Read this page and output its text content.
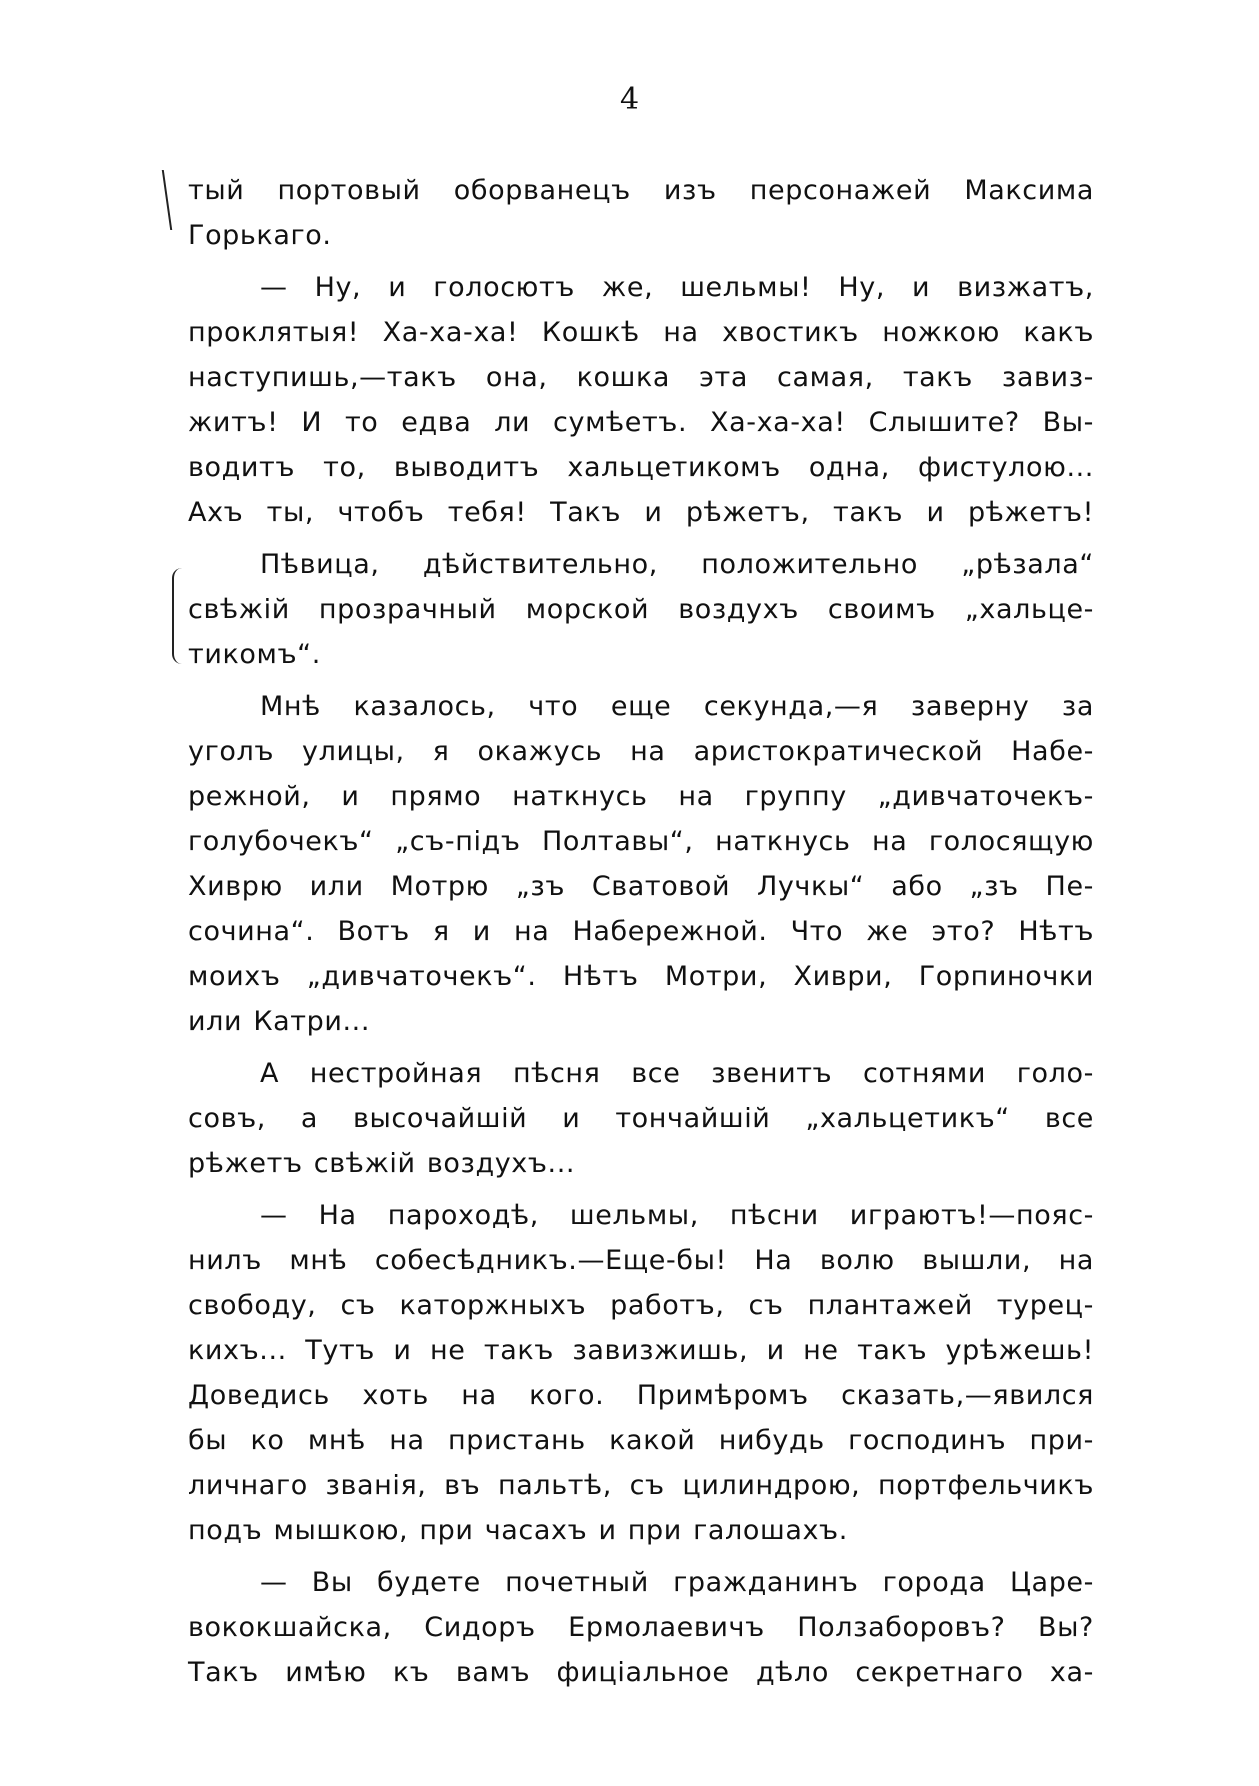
4
тый портовый оборванецъ изъ персонажей Максима
Горькаго.
— Ну, и голосютъ же, шельмы! Ну, и визжатъ,
проклятыя! Ха-ха-ха! Кошкѣ на хвостикъ ножкою какъ
наступишь,—такъ она, кошка эта самая, такъ завиз-
житъ! И то едва ли сумѣетъ. Ха-ха-ха! Слышите? Вы-
водитъ то, выводитъ хальцетикомъ одна, фистулою...
Ахъ ты, чтобъ тебя! Такъ и рѣжетъ, такъ и рѣжетъ!
Пѣвица, дѣйствительно, положительно „рѣзала“
свѣжій прозрачный морской воздухъ своимъ „хальце-
тикомъ“.
Мнѣ казалось, что еще секунда,—я заверну за
уголъ улицы, я окажусь на аристократической Набе-
режной, и прямо наткнусь на группу „дивчаточекъ-
голубочекъ“ „съ-підъ Полтавы“, наткнусь на голосящую
Хиврю или Мотрю „зъ Сватовой Лучкы“ або „зъ Пе-
сочина“. Вотъ я и на Набережной. Что же это? Нѣтъ
моихъ „дивчаточекъ“. Нѣтъ Мотри, Хиври, Горпиночки
или Катри...
А нестройная пѣсня все звенитъ сотнями голо-
совъ, а высочайшій и тончайшій „хальцетикъ“ все
рѣжетъ свѣжій воздухъ...
— На пароходѣ, шельмы, пѣсни играютъ!—пояс-
нилъ мнѣ собесѣдникъ.—Еще-бы! На волю вышли, на
свободу, съ каторжныхъ работъ, съ плантажей турец-
кихъ... Тутъ и не такъ завизжишь, и не такъ урѣжешь!
Доведись хоть на кого. Примѣромъ сказать,—явился
бы ко мнѣ на пристань какой нибудь господинъ при-
личнаго званія, въ пальтѣ, съ цилиндрою, портфельчикъ
подъ мышкою, при часахъ и при галошахъ.
— Вы будете почетный гражданинъ города Царе-
вококшайска, Сидоръ Ермолаевичъ Ползаборовъ? Вы?
Такъ имѣю къ вамъ фиціальное дѣло секретнаго ха-
